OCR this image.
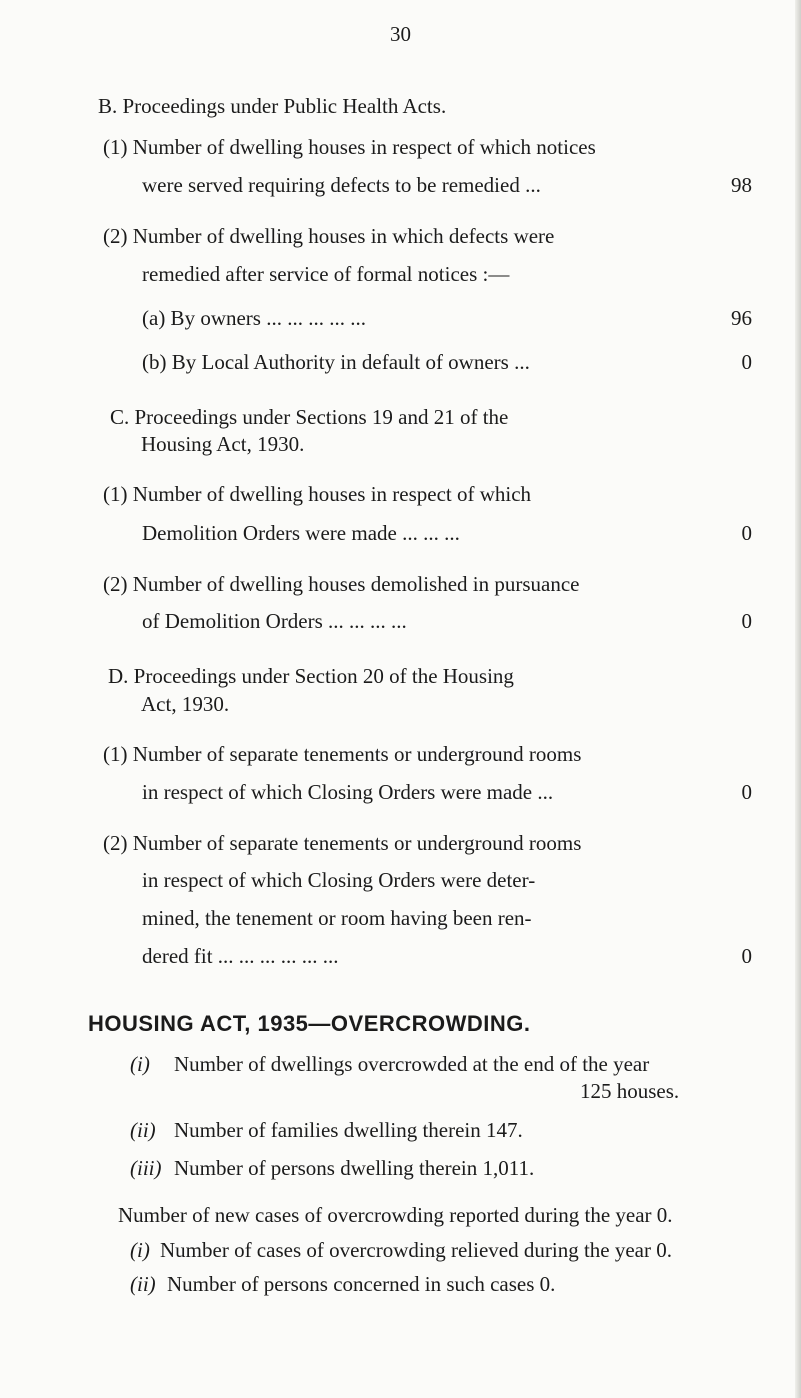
30
B. Proceedings under Public Health Acts.
(1) Number of dwelling houses in respect of which notices
were served requiring defects to be remedied ...	98
(2) Number of dwelling houses in which defects were
remedied after service of formal notices :—
(a) By owners ... ... ... ... ...	96
(b) By Local Authority in default of owners ...	0
C. Proceedings under Sections 19 and 21 of the
Housing Act, 1930.
(1) Number of dwelling houses in respect of which
Demolition Orders were made ... ... ...	0
(2) Number of dwelling houses demolished in pursuance
of Demolition Orders ... ... ... ...	0
D. Proceedings under Section 20 of the Housing
Act, 1930.
(1) Number of separate tenements or underground rooms
in respect of which Closing Orders were made ...	0
(2) Number of separate tenements or underground rooms
in respect of which Closing Orders were deter-
mined, the tenement or room having been ren-
dered fit ... ... ... ... ... ...	0
HOUSING ACT, 1935—OVERCROWDING.
(i) Number of dwellings overcrowded at the end of the year
125 houses.
(ii) Number of families dwelling therein 147.
(iii) Number of persons dwelling therein 1,011.
Number of new cases of overcrowding reported during the year 0.
(i) Number of cases of overcrowding relieved during the year 0.
(ii) Number of persons concerned in such cases 0.
